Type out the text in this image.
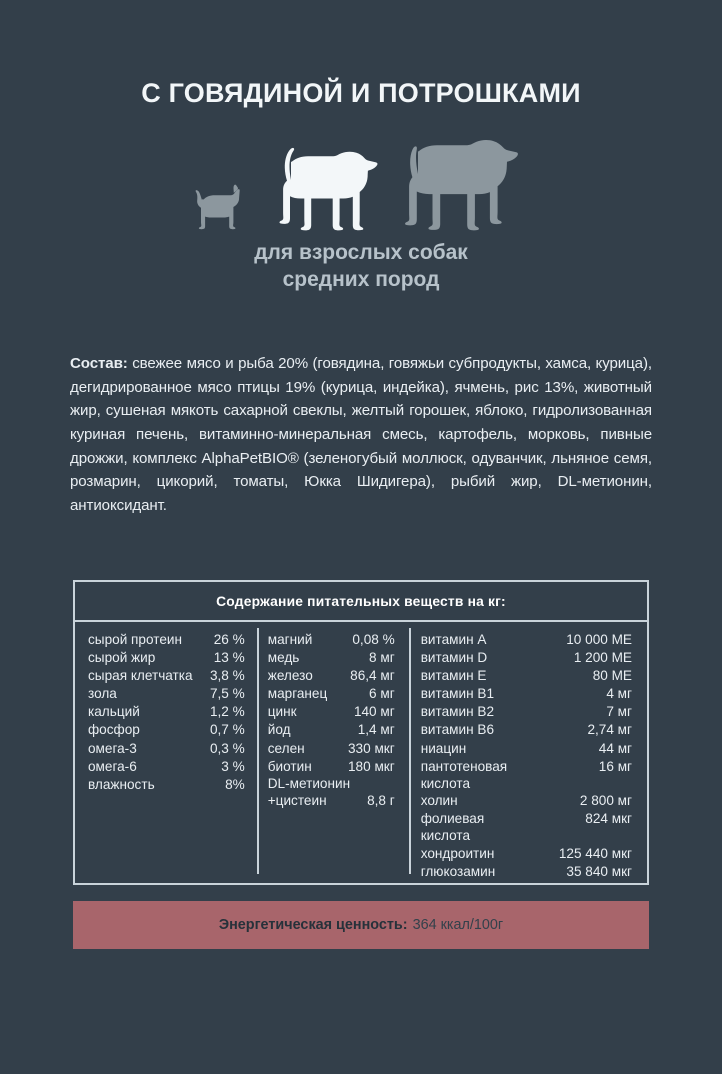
С ГОВЯДИНОЙ И ПОТРОШКАМИ
для взрослых собак
средних пород
Состав: свежее мясо и рыба 20% (говядина, говяжьи субпродукты, хамса, курица), дегидрированное мясо птицы 19% (курица, индейка), ячмень, рис 13%, животный жир, сушеная мякоть сахарной свеклы, желтый горошек, яблоко, гидролизованная куриная печень, витаминно-минеральная смесь, картофель, морковь, пивные дрожжи, комплекс AlphaPetBIO® (зеленогубый моллюск, одуванчик, льняное семя, розмарин, цикорий, томаты, Юкка Шидигера), рыбий жир, DL-метионин, антиоксидант.
Содержание питательных веществ на кг:
сырой протеин	26 %
сырой жир	13 %
сырая клетчатка	3,8 %
зола	7,5 %
кальций	1,2 %
фосфор	0,7 %
омега-3	0,3 %
омега-6	3 %
влажность	8%
магний	0,08 %
медь	8 мг
железо	86,4 мг
марганец	6 мг
цинк	140 мг
йод	1,4 мг
селен	330 мкг
биотин	180 мкг
DL-метионин
+цистеин	8,8 г
витамин A	10 000 МЕ
витамин D	1 200 МЕ
витамин E	80 МЕ
витамин B1	4 мг
витамин B2	7 мг
витамин B6	2,74 мг
ниацин	44 мг
пантотеновая	16 мг
кислота
холин	2 800 мг
фолиевая	824 мкг
кислота
хондроитин	125 440 мкг
глюкозамин	35 840 мкг
Энергетическая ценность: 364 ккал/100г
